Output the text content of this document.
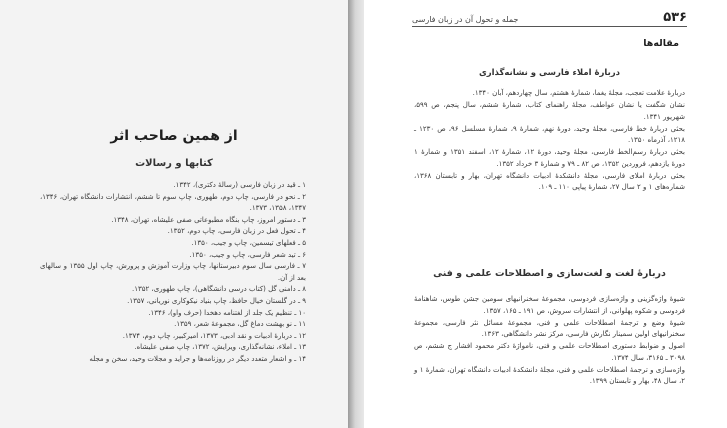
از همین صاحب اثر
کتابها و رسالات
۱ ـ قید در زبان فارسی (رسالهٔ دکتری)، ۱۳۴۲.
۲ ـ نحو در فارسی، چاپ دوم، طهوری، چاپ سوم تا ششم، انتشارات دانشگاه تهران، ۱۳۴۶، ۱۳۴۷، ۱۳۵۸، ۱۳۷۳.
۳ ـ دستور امروز، چاپ بنگاه مطبوعاتی صفی علیشاه، تهران، ۱۳۴۸.
۴ ـ تحول فعل در زبان فارسی، چاپ دوم، ۱۳۵۲.
۵ ـ فعلهای تیسمین، چاپ و جیب، ۱۳۵۰.
۶ ـ تید شعر فارسی، چاپ و جیب، ۱۳۵۰.
۷ ـ فارسی سال سوم دبیرستانها، چاپ وزارت آموزش و پرورش، چاپ اول ۱۳۵۵ و سالهای بعد از آن.
۸ ـ دامنی گل (کتاب درسی دانشگاهی)، چاپ طهوری، ۱۳۵۲.
۹ ـ در گلستان خیال حافظ، چاپ بنیاد نیکوکاری نوریانی، ۱۳۵۷.
۱۰ ـ تنظیم یک جلد از لغتنامه دهخدا (حرف واو)، ۱۳۴۶.
۱۱ ـ نو بهشت دماغ گل، مجموعهٔ شعر، ۱۳۵۹.
۱۲ ـ دربارهٔ ادبیات و نقد ادبی، ۱۳۷۳، امیرکبیر، چاپ دوم، ۱۳۷۴.
۱۳ ـ املاء، نشانه‌گذاری، ویرایش، ۱۳۷۲، چاپ صفی علیشاه.
۱۴ ـ و اشعار متعدد دیگر در روزنامه‌ها و جراید و مجلات وحید، سخن و مجله
۵۳۶
جمله و تحول آن در زبان فارسی
مقاله‌ها
دربارهٔ املاء فارسی و نشانه‌گذاری

دربارهٔ علامت تعجب، مجلهٔ یغما، شمارهٔ هشتم، سال چهاردهم، آبان ۱۳۴۰.

نشان شگفت یا نشان عواطف، مجلهٔ راهنمای کتاب، شمارهٔ ششم، سال پنجم، ص ۵۹۹، شهریور ۱۳۴۱.

بحثی دربارهٔ خط فارسی، مجلهٔ وحید، دورهٔ نهم، شمارهٔ ۹، شمارهٔ مسلسل ۹۶، ص ۱۲۳۰ ـ ۱۲۱۸، آذرماه ۱۳۵۰.

بحثی دربارهٔ رسم‌الخط فارسی، مجلهٔ وحید، دورهٔ ۱۲، شمارهٔ ۱۲، اسفند ۱۳۵۱ و شمارهٔ ۱ دورهٔ یازدهم، فروردین ۱۳۵۲، ص ۸۲ ـ ۷۹ و شمارهٔ ۳ خرداد ۱۳۵۲.

بحثی دربارهٔ املای فارسی، مجلهٔ دانشکدهٔ ادبیات دانشگاه تهران، بهار و تابستان ۱۳۶۸، شماره‌های ۱ و ۲ سال ۲۷، شمارهٔ پیاپی ۱۱۰ ـ ۱۰۹.

دربارهٔ لغت و لغت‌سازی و اصطلاحات علمی و فنی

شیوهٔ واژه‌گزینی و واژه‌سازی فردوسی، مجموعهٔ سخنرانیهای سومین جشن طوس، شاهنامهٔ فردوسی و شکوه پهلوانی، از انتشارات سروش، ص ۱۹۱ ـ ۱۶۵، ۱۳۵۷.

شیوهٔ وضع و ترجمهٔ اصطلاحات علمی و فنی، مجموعهٔ مسائل نثر فارسی، مجموعهٔ سخنرانیهای اولین سمینار نگارش فارسی، مرکز نشر دانشگاهی، ۱۳۶۳.

اصول و ضوابط دستوری اصطلاحات علمی و فنی، نامواژهٔ دکتر محمود افشار ج ششم، ص ۳۰۹۸ ـ ۳۱۶۵، سال ۱۳۷۴.

واژه‌سازی و ترجمهٔ اصطلاحات علمی و فنی، مجلهٔ دانشکدهٔ ادبیات دانشگاه تهران، شمارهٔ ۱ و ۲، سال ۴۸، بهار و تابستان ۱۳۹۹.
